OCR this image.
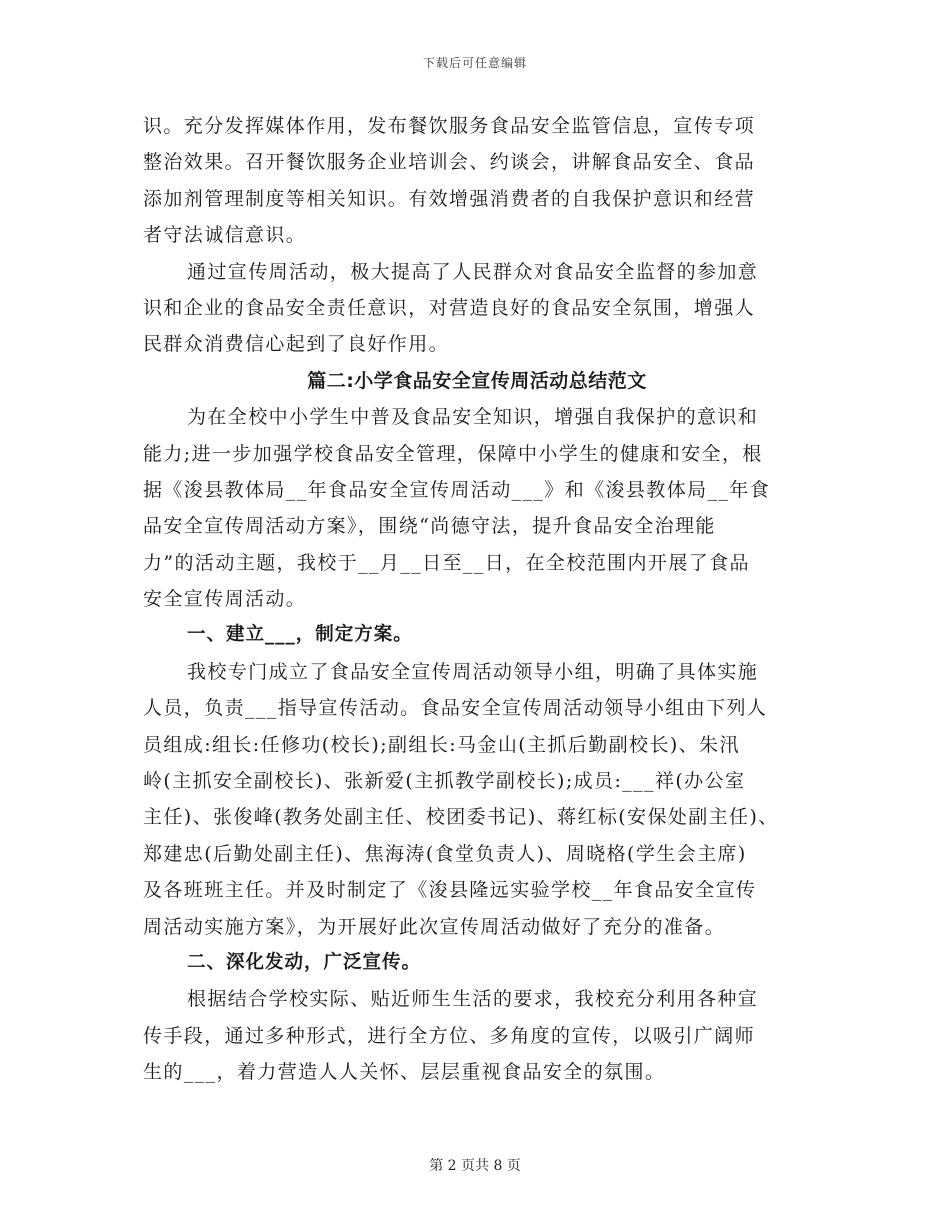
下载后可任意编辑
识。充分发挥媒体作用，发布餐饮服务食品安全监管信息，宣传专项
整治效果。召开餐饮服务企业培训会、约谈会，讲解食品安全、食品
添加剂管理制度等相关知识。有效增强消费者的自我保护意识和经营
者守法诚信意识。
通过宣传周活动，极大提高了人民群众对食品安全监督的参加意
识和企业的食品安全责任意识，对营造良好的食品安全氛围，增强人
民群众消费信心起到了良好作用。
篇二:小学食品安全宣传周活动总结范文
为在全校中小学生中普及食品安全知识，增强自我保护的意识和
能力;进一步加强学校食品安全管理，保障中小学生的健康和安全，根
据《浚县教体局__年食品安全宣传周活动___》和《浚县教体局__年食
品安全宣传周活动方案》，围绕“尚德守法，提升食品安全治理能
力”的活动主题，我校于__月__日至__日，在全校范围内开展了食品
安全宣传周活动。
一、建立___，制定方案。
我校专门成立了食品安全宣传周活动领导小组，明确了具体实施
人员，负责___指导宣传活动。食品安全宣传周活动领导小组由下列人
员组成:组长:任修功(校长);副组长:马金山(主抓后勤副校长)、朱汛
岭(主抓安全副校长)、张新爱(主抓教学副校长);成员:___祥(办公室
主任)、张俊峰(教务处副主任、校团委书记)、蒋红标(安保处副主任)、
郑建忠(后勤处副主任)、焦海涛(食堂负责人)、周晓格(学生会主席)
及各班班主任。并及时制定了《浚县隆远实验学校__年食品安全宣传
周活动实施方案》，为开展好此次宣传周活动做好了充分的准备。
二、深化发动，广泛宣传。
根据结合学校实际、贴近师生生活的要求，我校充分利用各种宣
传手段，通过多种形式，进行全方位、多角度的宣传，以吸引广阔师
生的___，着力营造人人关怀、层层重视食品安全的氛围。
第 2 页共 8 页
